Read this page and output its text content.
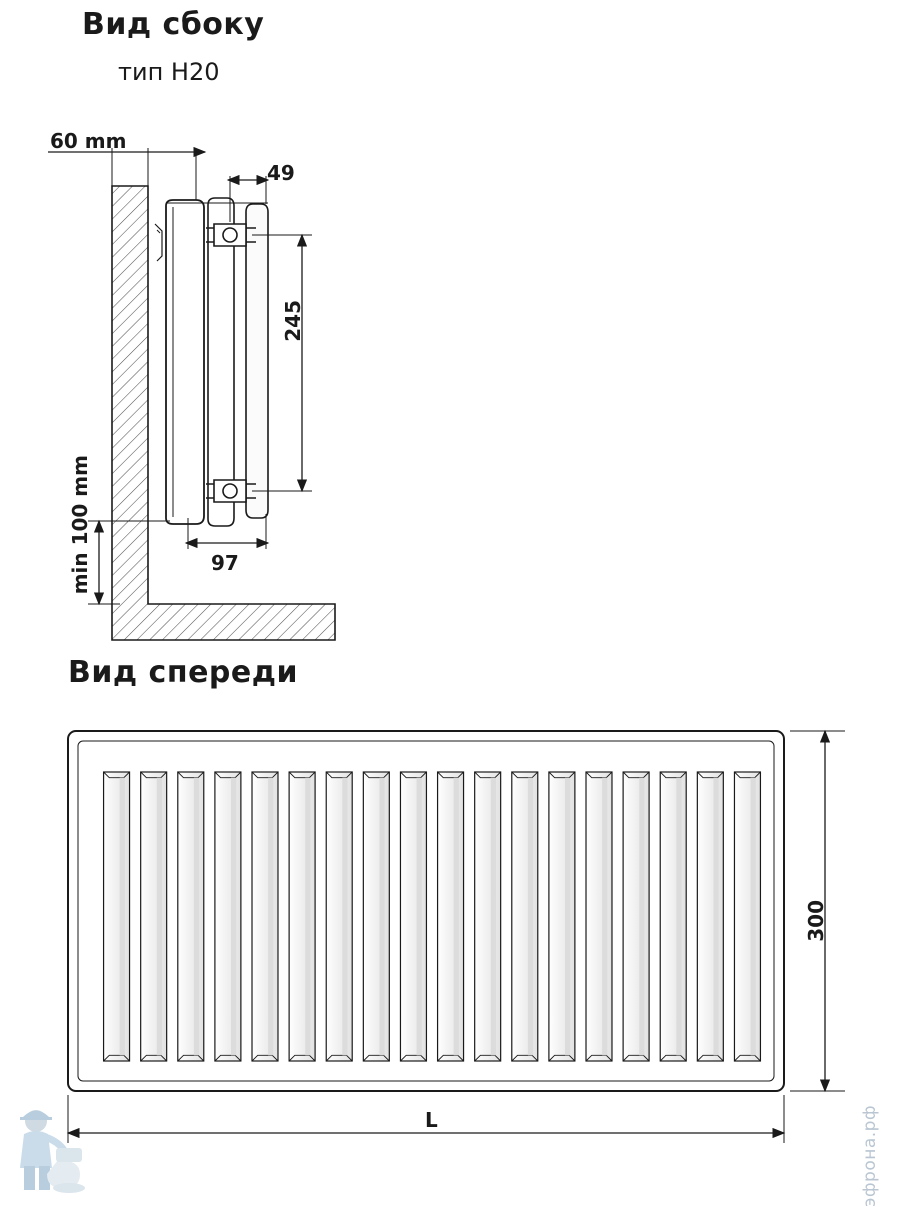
Вид сбоку
тип H20
Вид спереди
60 mm
49
245
97
min 100 mm
300
L	эфрона.рф
